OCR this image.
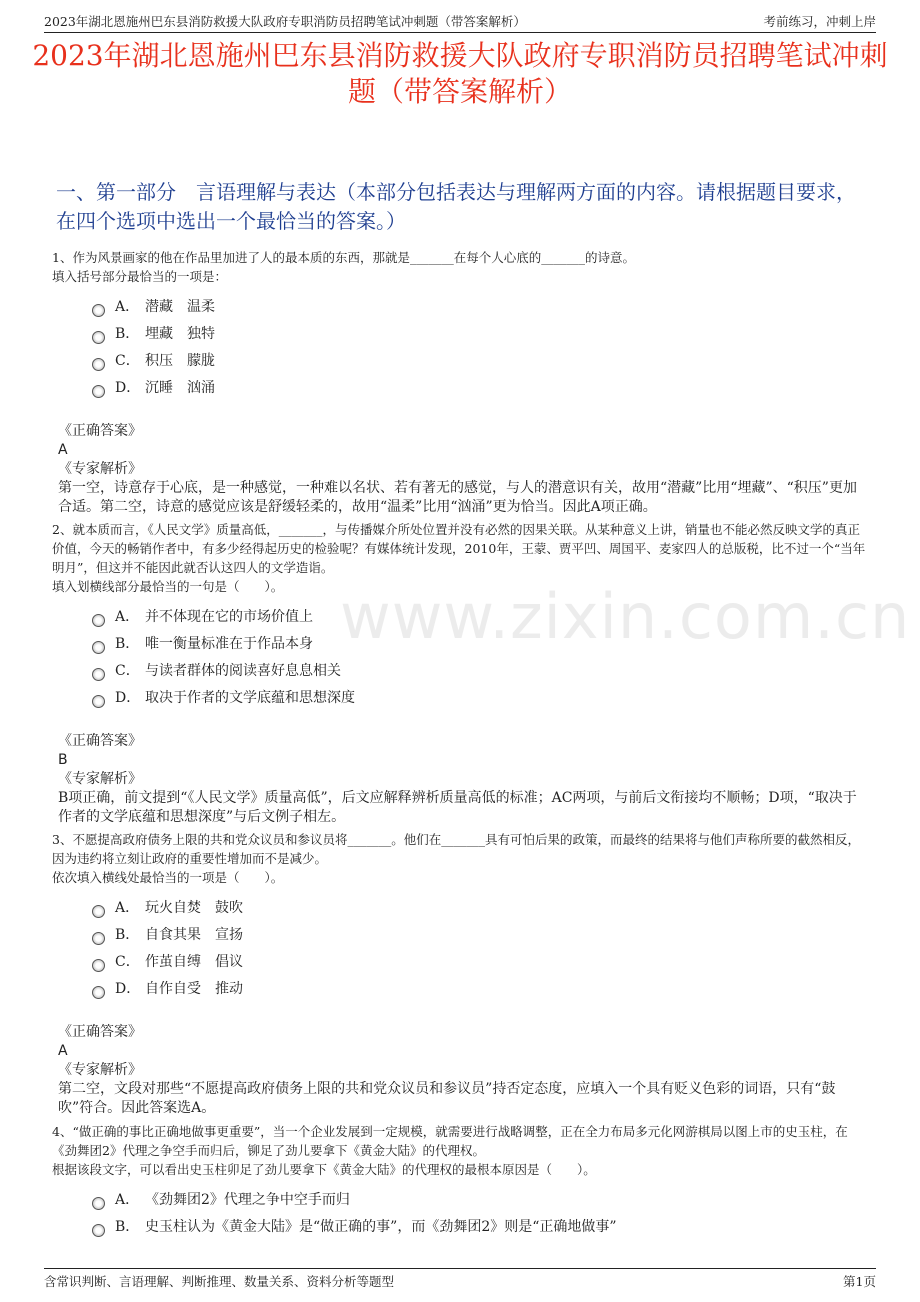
2023年湖北恩施州巴东县消防救援大队政府专职消防员招聘笔试冲刺题（带答案解析）	考前练习，冲刺上岸
2023年湖北恩施州巴东县消防救援大队政府专职消防员招聘笔试冲刺题（带答案解析）
一、第一部分　言语理解与表达（本部分包括表达与理解两方面的内容。请根据题目要求，在四个选项中选出一个最恰当的答案。）
www.zixin.com.cn
1、作为风景画家的他在作品里加进了人的最本质的东西，那就是_______在每个人心底的_______的诗意。
填入括号部分最恰当的一项是：
A． 潜藏　温柔
B． 埋藏　独特
C． 积压　朦胧
D． 沉睡　汹涌
《正确答案》
A
《专家解析》
第一空，诗意存于心底，是一种感觉，一种难以名状、若有著无的感觉，与人的潜意识有关，故用“潜藏”比用“埋藏”、“积压”更加合适。第二空，诗意的感觉应该是舒缓轻柔的，故用“温柔”比用“汹涌”更为恰当。因此A项正确。
2、就本质而言，《人民文学》质量高低，_______，与传播媒介所处位置并没有必然的因果关联。从某种意义上讲，销量也不能必然反映文学的真正价值，今天的畅销作者中，有多少经得起历史的检验呢？有媒体统计发现，2010年，王蒙、贾平凹、周国平、麦家四人的总版税，比不过一个“当年明月”，但这并不能因此就否认这四人的文学造诣。
填入划横线部分最恰当的一句是（　　）。
A． 并不体现在它的市场价值上
B． 唯一衡量标准在于作品本身
C． 与读者群体的阅读喜好息息相关
D． 取决于作者的文学底蕴和思想深度
《正确答案》
B
《专家解析》
B项正确，前文提到“《人民文学》质量高低”，后文应解释辨析质量高低的标准；AC两项，与前后文衔接均不顺畅；D项，“取决于作者的文学底蕴和思想深度”与后文例子相左。
3、不愿提高政府债务上限的共和党众议员和参议员将_______。他们在_______具有可怕后果的政策，而最终的结果将与他们声称所要的截然相反，因为违约将立刻让政府的重要性增加而不是减少。
依次填入横线处最恰当的一项是（　　）。
A． 玩火自焚　鼓吹
B． 自食其果　宣扬
C． 作茧自缚　倡议
D． 自作自受　推动
《正确答案》
A
《专家解析》
第二空，文段对那些“不愿提高政府债务上限的共和党众议员和参议员”持否定态度，应填入一个具有贬义色彩的词语，只有“鼓吹”符合。因此答案选A。
4、“做正确的事比正确地做事更重要”，当一个企业发展到一定规模，就需要进行战略调整，正在全力布局多元化网游棋局以图上市的史玉柱，在《劲舞团2》代理之争空手而归后，铆足了劲儿要拿下《黄金大陆》的代理权。
根据该段文字，可以看出史玉柱卯足了劲儿要拿下《黄金大陆》的代理权的最根本原因是（　　）。
A． 《劲舞团2》代理之争中空手而归
B． 史玉柱认为《黄金大陆》是“做正确的事”，而《劲舞团2》则是“正确地做事”
含常识判断、言语理解、判断推理、数量关系、资料分析等题型	第1页
